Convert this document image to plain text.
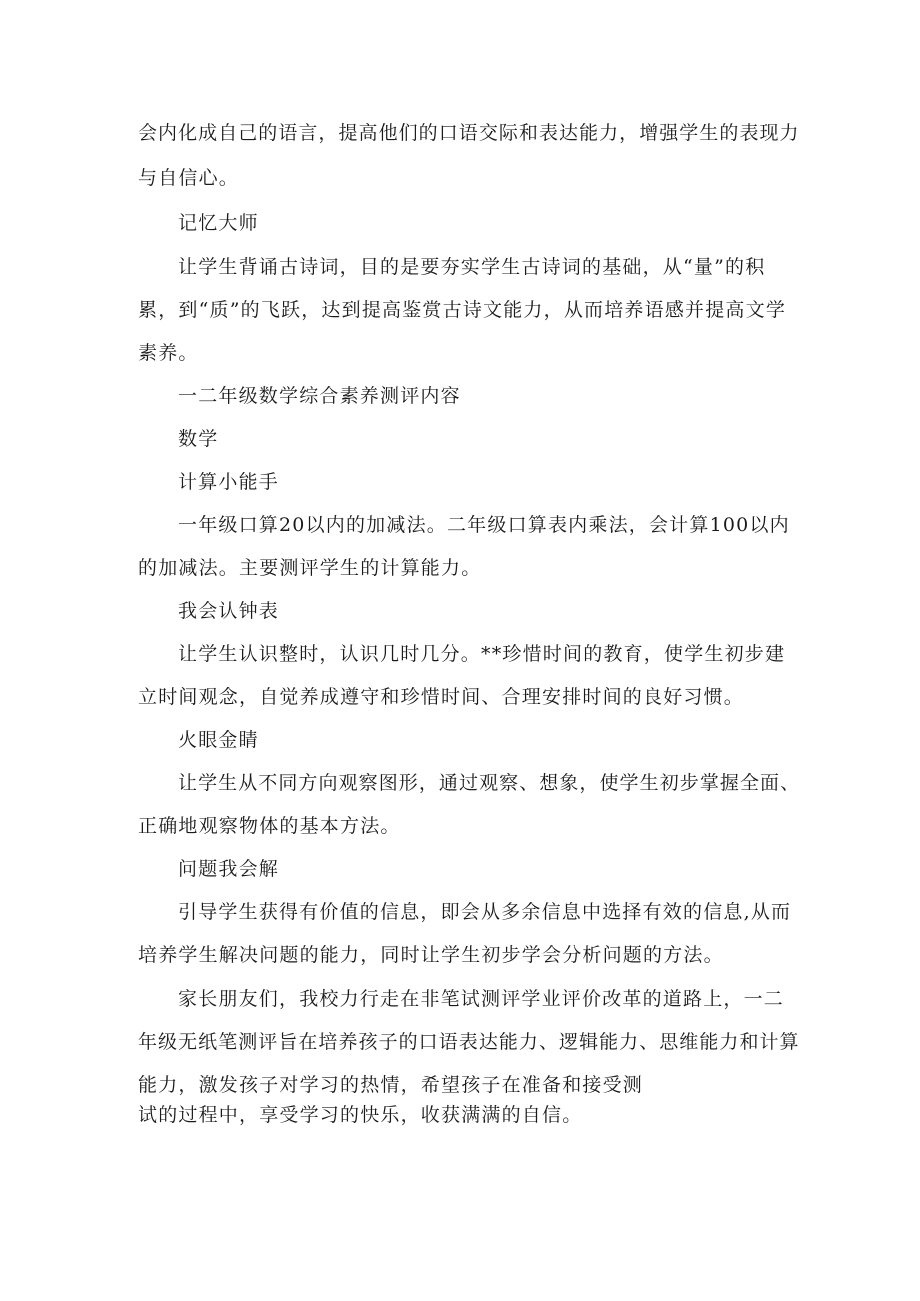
会内化成自己的语言，提高他们的口语交际和表达能力，增强学生的表现力
与自信心。
记忆大师
让学生背诵古诗词，目的是要夯实学生古诗词的基础，从“量”的积
累，到“质”的飞跃，达到提高鉴赏古诗文能力，从而培养语感并提高文学
素养。
一二年级数学综合素养测评内容
数学
计算小能手
一年级口算20以内的加减法。二年级口算表内乘法，会计算100以内
的加减法。主要测评学生的计算能力。
我会认钟表
让学生认识整时，认识几时几分。**珍惜时间的教育，使学生初步建
立时间观念，自觉养成遵守和珍惜时间、合理安排时间的良好习惯。
火眼金睛
让学生从不同方向观察图形，通过观察、想象，使学生初步掌握全面、
正确地观察物体的基本方法。
问题我会解
引导学生获得有价值的信息，即会从多余信息中选择有效的信息,从而
培养学生解决问题的能力，同时让学生初步学会分析问题的方法。
家长朋友们，我校力行走在非笔试测评学业评价改革的道路上，一二
年级无纸笔测评旨在培养孩子的口语表达能力、逻辑能力、思维能力和计算
能力，激发孩子对学习的热情，希望孩子在准备和接受测
试的过程中，享受学习的快乐，收获满满的自信。
